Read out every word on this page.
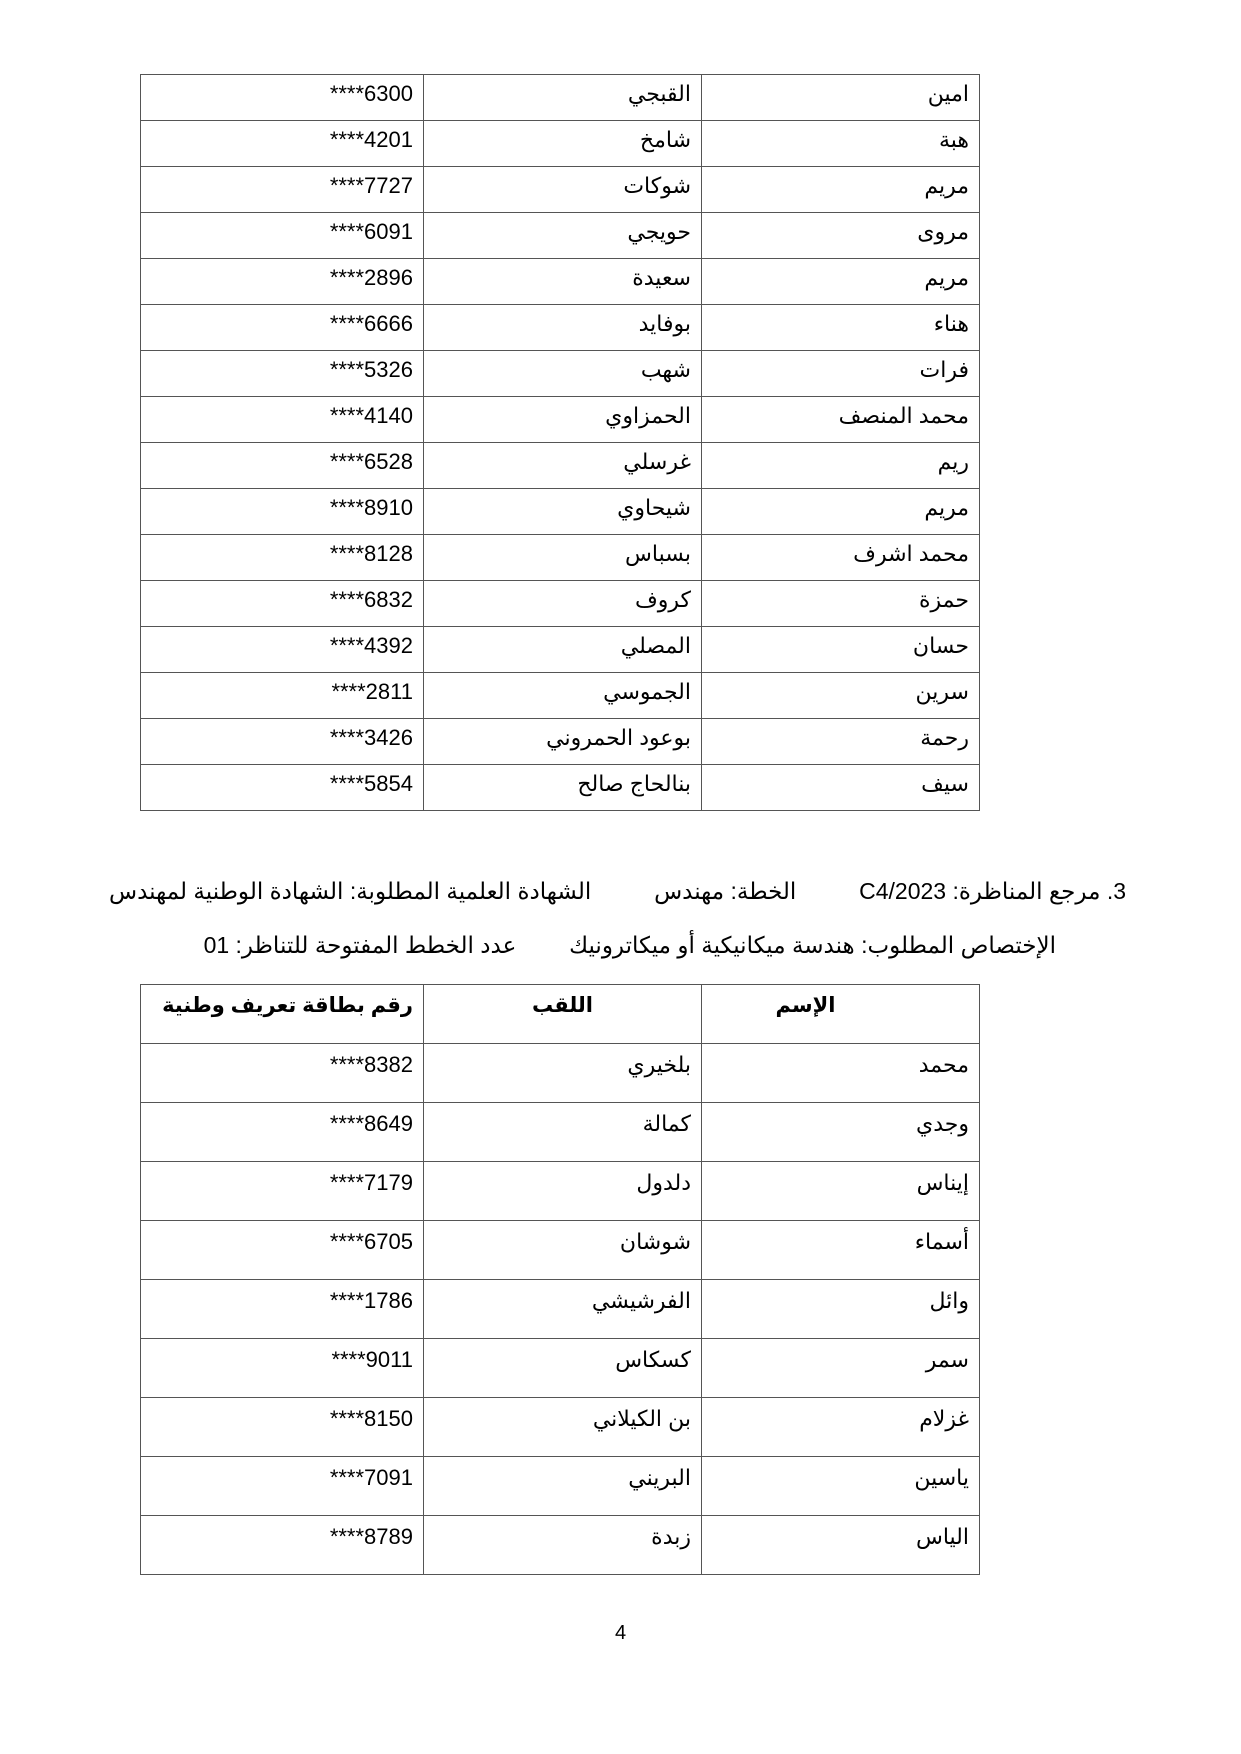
****6300	القبجي	امين
****4201	شامخ	هبة
****7727	شوكات	مريم
****6091	حويجي	مروى
****2896	سعيدة	مريم
****6666	بوفايد	هناء
****5326	شهب	فرات
****4140	الحمزاوي	محمد المنصف
****6528	غرسلي	ريم
****8910	شيحاوي	مريم
****8128	بسباس	محمد اشرف
****6832	كروف	حمزة
****4392	المصلي	حسان
****2811	الجموسي	سرين
****3426	بوعود الحمروني	رحمة
****5854	بنالحاج صالح	سيف
3. مرجع المناظرة: C4/2023  الخطة: مهندس  الشهادة العلمية المطلوبة: الشهادة الوطنية لمهندس
الإختصاص المطلوب: هندسة ميكانيكية أو ميكاترونيك  عدد الخطط المفتوحة للتناظر: 01
رقم بطاقة تعريف وطنية	اللقب	الإسم
****8382	بلخيري	محمد
****8649	كمالة	وجدي
****7179	دلدول	إيناس
****6705	شوشان	أسماء
****1786	الفرشيشي	وائل
****9011	كسكاس	سمر
****8150	بن الكيلاني	غزلام
****7091	البريني	ياسين
****8789	زبدة	الياس
4
